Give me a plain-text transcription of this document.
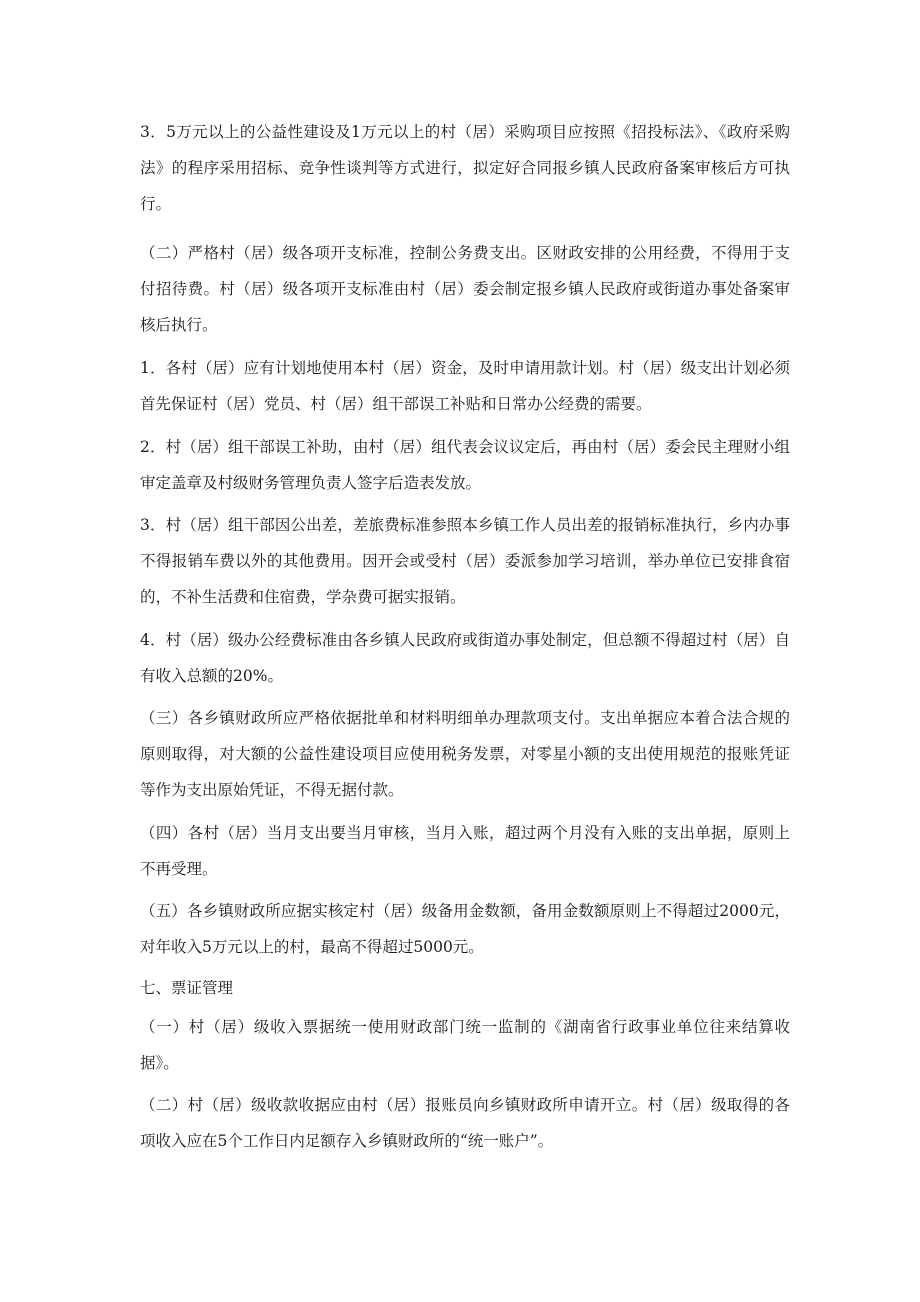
3．5万元以上的公益性建设及1万元以上的村（居）采购项目应按照《招投标法》、《政府采购法》的程序采用招标、竞争性谈判等方式进行，拟定好合同报乡镇人民政府备案审核后方可执行。

（二）严格村（居）级各项开支标准，控制公务费支出。区财政安排的公用经费，不得用于支付招待费。村（居）级各项开支标准由村（居）委会制定报乡镇人民政府或街道办事处备案审核后执行。

1．各村（居）应有计划地使用本村（居）资金，及时申请用款计划。村（居）级支出计划必须首先保证村（居）党员、村（居）组干部误工补贴和日常办公经费的需要。

2．村（居）组干部误工补助，由村（居）组代表会议议定后，再由村（居）委会民主理财小组审定盖章及村级财务管理负责人签字后造表发放。

3．村（居）组干部因公出差，差旅费标准参照本乡镇工作人员出差的报销标准执行，乡内办事不得报销车费以外的其他费用。因开会或受村（居）委派参加学习培训，举办单位已安排食宿的，不补生活费和住宿费，学杂费可据实报销。

4．村（居）级办公经费标准由各乡镇人民政府或街道办事处制定，但总额不得超过村（居）自有收入总额的20%。

（三）各乡镇财政所应严格依据批单和材料明细单办理款项支付。支出单据应本着合法合规的原则取得，对大额的公益性建设项目应使用税务发票，对零星小额的支出使用规范的报账凭证等作为支出原始凭证，不得无据付款。

（四）各村（居）当月支出要当月审核，当月入账，超过两个月没有入账的支出单据，原则上不再受理。

（五）各乡镇财政所应据实核定村（居）级备用金数额，备用金数额原则上不得超过2000元，对年收入5万元以上的村，最高不得超过5000元。

七、票证管理

（一）村（居）级收入票据统一使用财政部门统一监制的《湖南省行政事业单位往来结算收据》。

（二）村（居）级收款收据应由村（居）报账员向乡镇财政所申请开立。村（居）级取得的各项收入应在5个工作日内足额存入乡镇财政所的“统一账户”。
